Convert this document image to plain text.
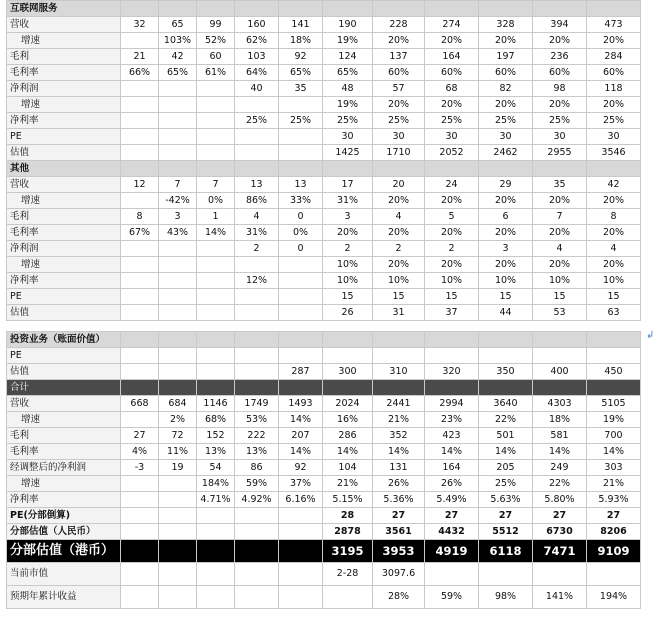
互联网服务											
营收	32	65	99	160	141	190	228	274	328	394	473
增速		103%	52%	62%	18%	19%	20%	20%	20%	20%	20%
毛利	21	42	60	103	92	124	137	164	197	236	284
毛利率	66%	65%	61%	64%	65%	65%	60%	60%	60%	60%	60%
净利润				40	35	48	57	68	82	98	118
增速						19%	20%	20%	20%	20%	20%
净利率				25%	25%	25%	25%	25%	25%	25%	25%
PE						30	30	30	30	30	30
估值						1425	1710	2052	2462	2955	3546
其他											
营收	12	7	7	13	13	17	20	24	29	35	42
增速		-42%	0%	86%	33%	31%	20%	20%	20%	20%	20%
毛利	8	3	1	4	0	3	4	5	6	7	8
毛利率	67%	43%	14%	31%	0%	20%	20%	20%	20%	20%	20%
净利润				2	0	2	2	2	3	4	4
增速						10%	20%	20%	20%	20%	20%
净利率				12%		10%	10%	10%	10%	10%	10%
PE						15	15	15	15	15	15
估值						26	31	37	44	53	63

投资业务（账面价值）											
PE											
估值					287	300	310	320	350	400	450
合计											
营收	668	684	1146	1749	1493	2024	2441	2994	3640	4303	5105
增速		2%	68%	53%	14%	16%	21%	23%	22%	18%	19%
毛利	27	72	152	222	207	286	352	423	501	581	700
毛利率	4%	11%	13%	13%	14%	14%	14%	14%	14%	14%	14%
经调整后的净利润	-3	19	54	86	92	104	131	164	205	249	303
增速			184%	59%	37%	21%	26%	26%	25%	22%	21%
净利率			4.71%	4.92%	6.16%	5.15%	5.36%	5.49%	5.63%	5.80%	5.93%
PE(分部倒算)						28	27	27	27	27	27
分部估值（人民币）						2878	3561	4432	5512	6730	8206
分部估值（港币）						3195	3953	4919	6118	7471	9109
当前市值						2-28	3097.6				
预期年累计收益							28%	59%	98%	141%	194%
↲
